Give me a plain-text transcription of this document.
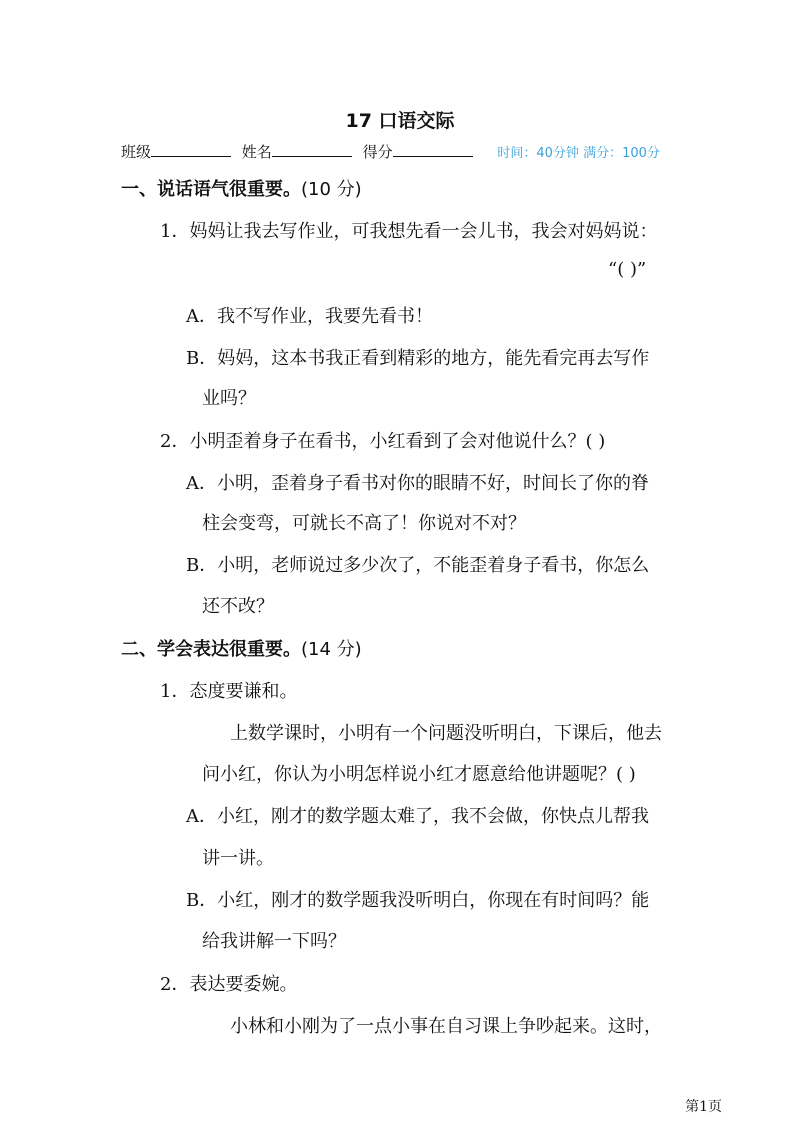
17 口语交际
班级	姓名	得分	时间：40分钟 满分：100分
一、说话语气很重要。(10 分)
1．妈妈让我去写作业，可我想先看一会儿书，我会对妈妈说：
“( )”
A．我不写作业，我要先看书！
B．妈妈，这本书我正看到精彩的地方，能先看完再去写作
业吗？
2．小明歪着身子在看书，小红看到了会对他说什么？( )
A．小明，歪着身子看书对你的眼睛不好，时间长了你的脊
柱会变弯，可就长不高了！你说对不对？
B．小明，老师说过多少次了，不能歪着身子看书，你怎么
还不改？
二、学会表达很重要。(14 分)
1．态度要谦和。
上数学课时，小明有一个问题没听明白，下课后，他去
问小红，你认为小明怎样说小红才愿意给他讲题呢？( )
A．小红，刚才的数学题太难了，我不会做，你快点儿帮我
讲一讲。
B．小红，刚才的数学题我没听明白，你现在有时间吗？能
给我讲解一下吗？
2．表达要委婉。
小林和小刚为了一点小事在自习课上争吵起来。这时，
第1页
